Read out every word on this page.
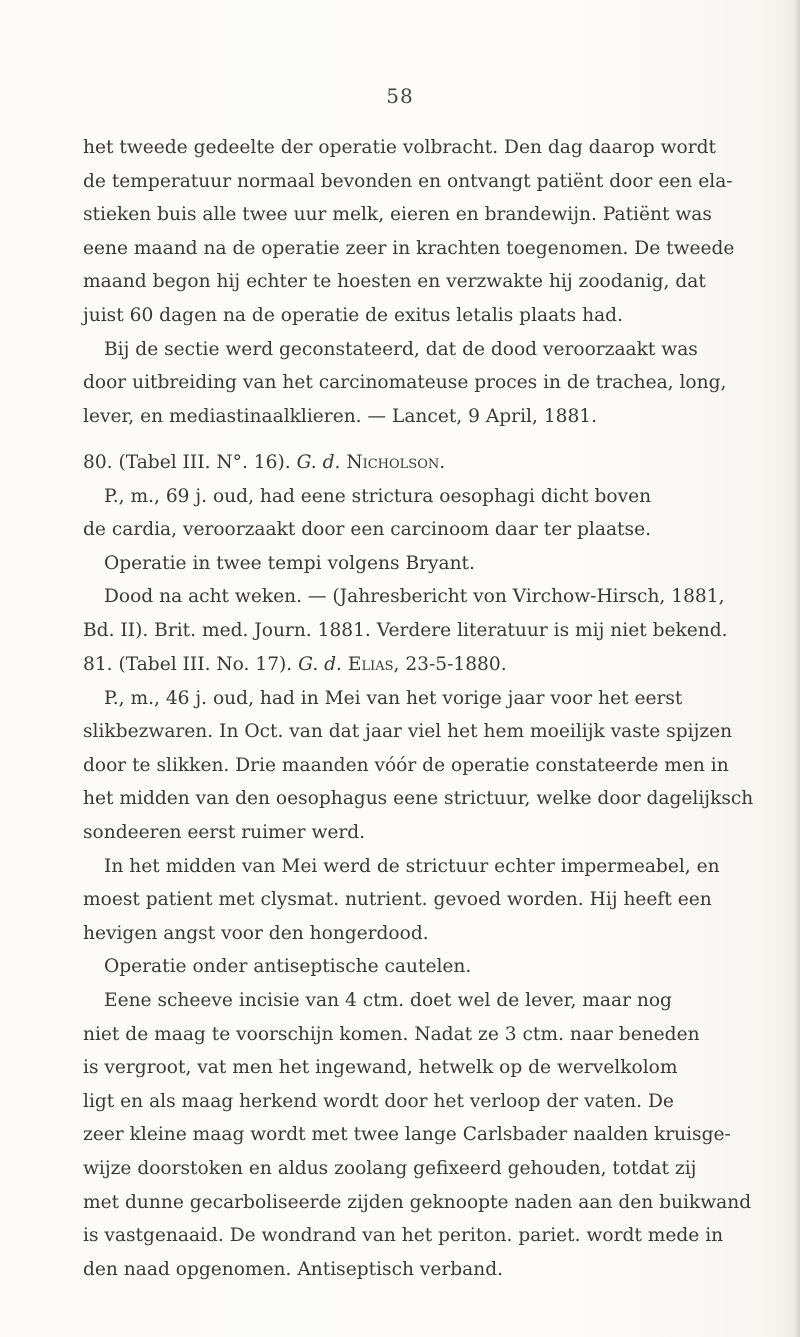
58
het tweede gedeelte der operatie volbracht. Den dag daarop wordt
de temperatuur normaal bevonden en ontvangt patiënt door een ela-
stieken buis alle twee uur melk, eieren en brandewijn. Patiënt was
eene maand na de operatie zeer in krachten toegenomen. De tweede
maand begon hij echter te hoesten en verzwakte hij zoodanig, dat
juist 60 dagen na de operatie de exitus letalis plaats had.
Bij de sectie werd geconstateerd, dat de dood veroorzaakt was
door uitbreiding van het carcinomateuse proces in de trachea, long,
lever, en mediastinaalklieren. — Lancet, 9 April, 1881.
80. (Tabel III. N°. 16). G. d. Nicholson.
P., m., 69 j. oud, had eene strictura oesophagi dicht boven
de cardia, veroorzaakt door een carcinoom daar ter plaatse.
Operatie in twee tempi volgens Bryant.
Dood na acht weken. — (Jahresbericht von Virchow-Hirsch, 1881,
Bd. II). Brit. med. Journ. 1881. Verdere literatuur is mij niet bekend.
81. (Tabel III. No. 17). G. d. Elias, 23-5-1880.
P., m., 46 j. oud, had in Mei van het vorige jaar voor het eerst
slikbezwaren. In Oct. van dat jaar viel het hem moeilijk vaste spijzen
door te slikken. Drie maanden vóór de operatie constateerde men in
het midden van den oesophagus eene strictuur, welke door dagelijksch
sondeeren eerst ruimer werd.
In het midden van Mei werd de strictuur echter impermeabel, en
moest patient met clysmat. nutrient. gevoed worden. Hij heeft een
hevigen angst voor den hongerdood.
Operatie onder antiseptische cautelen.
Eene scheeve incisie van 4 ctm. doet wel de lever, maar nog
niet de maag te voorschijn komen. Nadat ze 3 ctm. naar beneden
is vergroot, vat men het ingewand, hetwelk op de wervelkolom
ligt en als maag herkend wordt door het verloop der vaten. De
zeer kleine maag wordt met twee lange Carlsbader naalden kruisge-
wijze doorstoken en aldus zoolang gefixeerd gehouden, totdat zij
met dunne gecarboliseerde zijden geknoopte naden aan den buikwand
is vastgenaaid. De wondrand van het periton. pariet. wordt mede in
den naad opgenomen. Antiseptisch verband.
